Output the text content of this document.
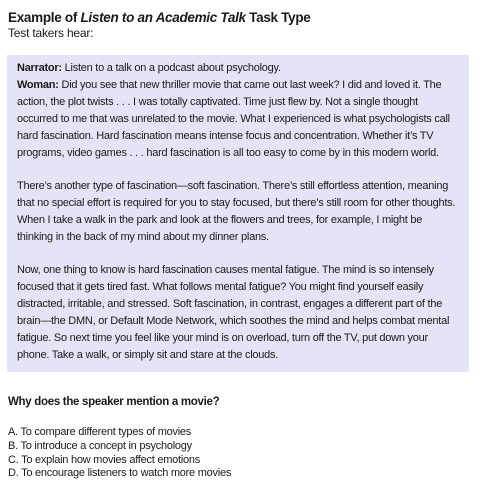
Example of Listen to an Academic Talk Task Type
Test takers hear:

Narrator: Listen to a talk on a podcast about psychology.

Woman: Did you see that new thriller movie that came out last week? I did and loved it. The action, the plot twists . . . I was totally captivated. Time just flew by. Not a single thought occurred to me that was unrelated to the movie. What I experienced is what psychologists call hard fascination. Hard fascination means intense focus and concentration. Whether it’s TV programs, video games . . . hard fascination is all too easy to come by in this modern world.

There’s another type of fascination—soft fascination. There’s still effortless attention, meaning that no special effort is required for you to stay focused, but there’s still room for other thoughts. When I take a walk in the park and look at the flowers and trees, for example, I might be thinking in the back of my mind about my dinner plans.

Now, one thing to know is hard fascination causes mental fatigue. The mind is so intensely focused that it gets tired fast. What follows mental fatigue? You might find yourself easily distracted, irritable, and stressed. Soft fascination, in contrast, engages a different part of the brain—the DMN, or Default Mode Network, which soothes the mind and helps combat mental fatigue. So next time you feel like your mind is on overload, turn off the TV, put down your phone. Take a walk, or simply sit and stare at the clouds.

Why does the speaker mention a movie?
A. To compare different types of movies
B. To introduce a concept in psychology
C. To explain how movies affect emotions
D. To encourage listeners to watch more movies
